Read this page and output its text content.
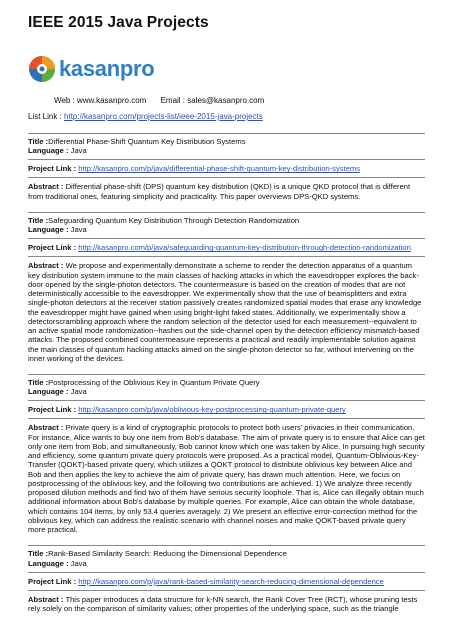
IEEE 2015 Java Projects
kasanpro
Web : www.kasanpro.com Email : sales@kasanpro.com
List Link : http://kasanpro.com/projects-list/ieee-2015-java-projects
Title :Differential Phase-Shift Quantum Key Distribution Systems
Language : Java
Project Link : http://kasanpro.com/p/java/differential-phase-shift-quantum-key-distribution-systems
Abstract : Differential phase-shift (DPS) quantum key distribution (QKD) is a unique QKD protocol that is different from traditional ones, featuring simplicity and practicality. This paper overviews DPS-QKD systems.
Title :Safeguarding Quantum Key Distribution Through Detection Randomization
Language : Java
Project Link : http://kasanpro.com/p/java/safeguarding-quantum-key-distribution-through-detection-randomization
Abstract : We propose and experimentally demonstrate a scheme to render the detection apparatus of a quantum key distribution system immune to the main classes of hacking attacks in which the eavesdropper explores the back-door opened by the single-photon detectors. The countermeasure is based on the creation of modes that are not deterministically accessible to the eavesdropper. We experimentally show that the use of beamsplitters and extra single-photon detectors at the receiver station passively creates randomized spatial modes that erase any knowledge the eavesdropper might have gained when using bright-light faked states. Additionally, we experimentally show a detectorscrambling approach where the random selection of the detector used for each measurement--equivalent to an active spatial mode randomization--hashes out the side-channel open by the detection efficiency mismatch-based attacks. The proposed combined countermeasure represents a practical and readily implementable solution against the main classes of quantum hacking attacks aimed on the single-photon detector so far, without intervening on the inner working of the devices.
Title :Postprocessing of the Oblivious Key in Quantum Private Query
Language : Java
Project Link : http://kasanpro.com/p/java/oblivious-key-postprocessing-quantum-private-query
Abstract : Private query is a kind of cryptographic protocols to protect both users' privacies in their communication. For instance, Alice wants to buy one item from Bob's database. The aim of private query is to ensure that Alice can get only one item from Bob, and simultaneously, Bob cannot know which one was taken by Alice. In pursuing high security and efficiency, some quantum private query protocols were proposed. As a practical model, Quantum-Oblivious-Key-Transfer (QOKT)-based private query, which utilizes a QOKT protocol to distribute oblivious key between Alice and Bob and then applies the key to achieve the aim of private query, has drawn much attention. Here, we focus on postprocessing of the oblivious key, and the following two contributions are achieved. 1) We analyze three recently proposed dilution methods and find two of them have serious security loophole. That is, Alice can illegally obtain much additional information about Bob's database by multiple queries. For example, Alice can obtain the whole database, which contains 104 items, by only 53.4 queries averagely. 2) We present an effective error-correction method for the oblivious key, which can address the realistic scenario with channel noises and make QOKT-based private query more practical.
Title :Rank-Based Similarity Search: Reducing the Dimensional Dependence
Language : Java
Project Link : http://kasanpro.com/p/java/rank-based-similarity-search-reducing-dimensional-dependence
Abstract : This paper introduces a data structure for k-NN search, the Rank Cover Tree (RCT), whose pruning tests rely solely on the comparison of similarity values; other properties of the underlying space, such as the triangle
